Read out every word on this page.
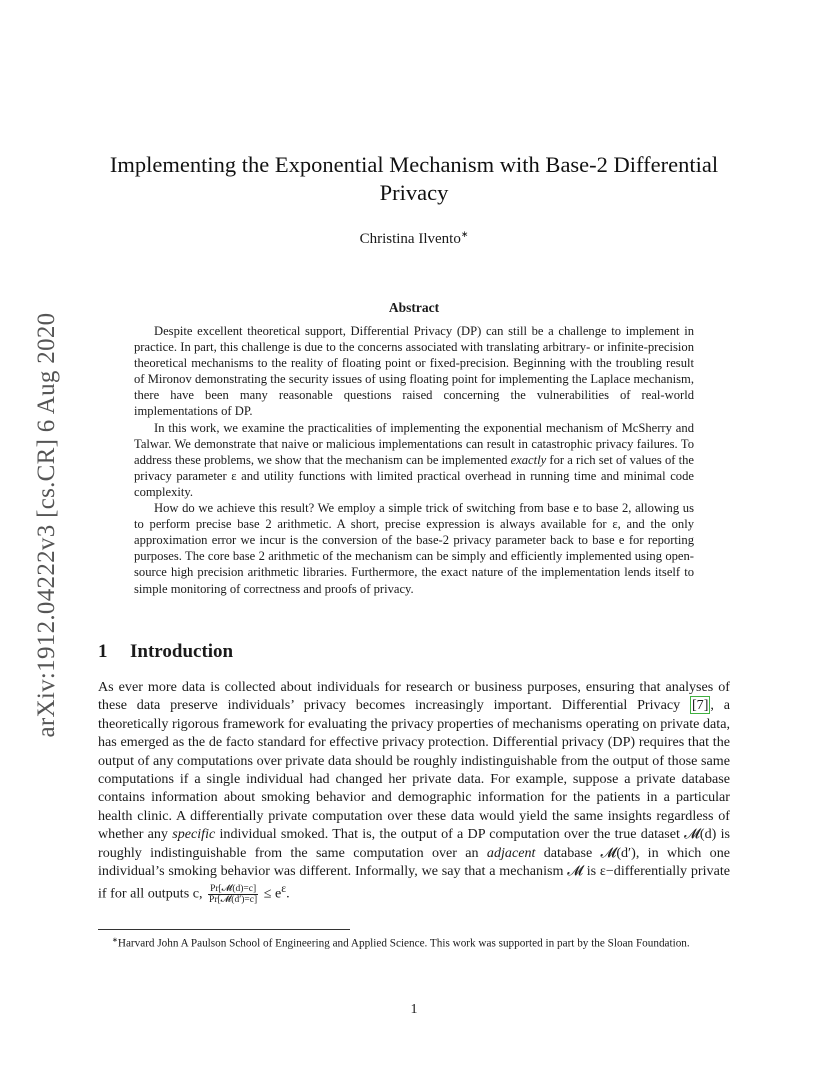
arXiv:1912.04222v3 [cs.CR] 6 Aug 2020
Implementing the Exponential Mechanism with Base-2 Differential
Privacy
Christina Ilvento∗
Abstract

Despite excellent theoretical support, Differential Privacy (DP) can still be a challenge to implement in practice. In part, this challenge is due to the concerns associated with translating arbitrary- or infinite-precision theoretical mechanisms to the reality of floating point or fixed-precision. Beginning with the troubling result of Mironov demonstrating the security issues of using floating point for implementing the Laplace mechanism, there have been many reasonable questions raised concerning the vulnerabilities of real-world implementations of DP.

In this work, we examine the practicalities of implementing the exponential mechanism of McSherry and Talwar. We demonstrate that naive or malicious implementations can result in catastrophic privacy failures. To address these problems, we show that the mechanism can be implemented exactly for a rich set of values of the privacy parameter ε and utility functions with limited practical overhead in running time and minimal code complexity.

How do we achieve this result? We employ a simple trick of switching from base e to base 2, allowing us to perform precise base 2 arithmetic. A short, precise expression is always available for ε, and the only approximation error we incur is the conversion of the base-2 privacy parameter back to base e for reporting purposes. The core base 2 arithmetic of the mechanism can be simply and efficiently implemented using open-source high precision arithmetic libraries. Furthermore, the exact nature of the implementation lends itself to simple monitoring of correctness and proofs of privacy.

1 Introduction

As ever more data is collected about individuals for research or business purposes, ensuring that analyses of these data preserve individuals’ privacy becomes increasingly important. Differential Privacy [7] , a theoretically rigorous framework for evaluating the privacy properties of mechanisms operating on private data, has emerged as the de facto standard for effective privacy protection. Differential privacy (DP) requires that the output of any computations over private data should be roughly indistinguishable from the output of those same computations if a single individual had changed her private data. For example, suppose a private database contains information about smoking behavior and demographic information for the patients in a particular health clinic. A differentially private computation over these data would yield the same insights regardless of whether any specific individual smoked. That is, the output of a DP computation over the true dataset 𝓜(d) is roughly indistinguishable from the same computation over an adjacent database 𝓜(d′), in which one individual’s smoking behavior was different. Informally, we say that a mechanism 𝓜 is ε−differentially private if for all outputs c, $\frac{\text{Pr[𝓜(d)=c]}}{\text{Pr[𝓜(d′)=c]}} \le e^\varepsilon$.

∗Harvard John A Paulson School of Engineering and Applied Science. This work was supported in part by the Sloan Foundation.
1
